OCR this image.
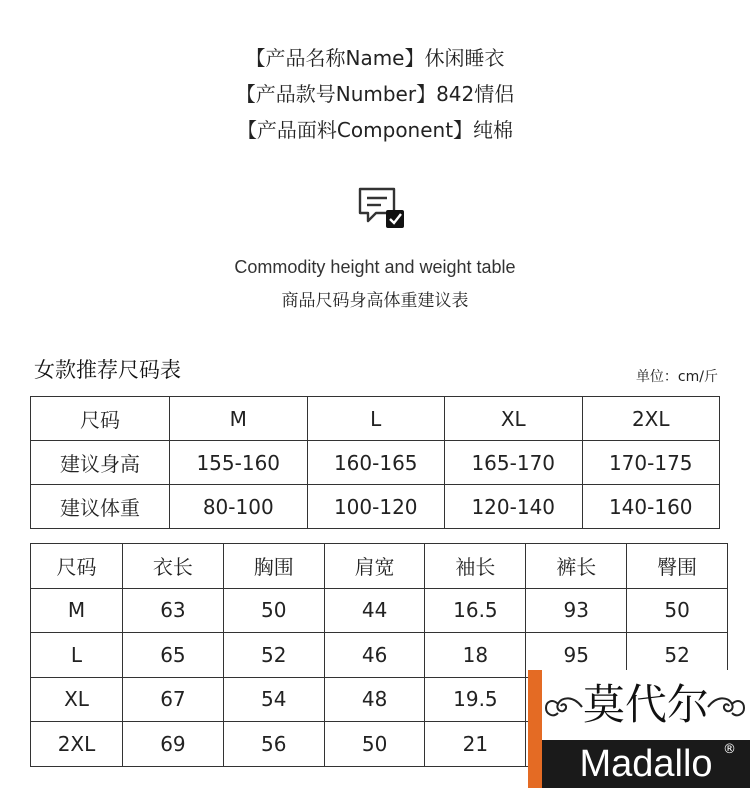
【产品名称Name】休闲睡衣
【产品款号Number】842情侣
【产品面料Component】纯棉
Commodity height and weight table
商品尺码身高体重建议表
女款推荐尺码表	单位：cm/斤
尺码	M	L	XL	2XL
建议身高	155-160	160-165	165-170	170-175
建议体重	80-100	100-120	120-140	140-160
尺码	衣长	胸围	肩宽	袖长	裤长	臀围
M	63	50	44	16.5	93	50
L	65	52	46	18	95	52
XL	67	54	48	19.5		
2XL	69	56	50	21		
莫代尔
Madallo ®
